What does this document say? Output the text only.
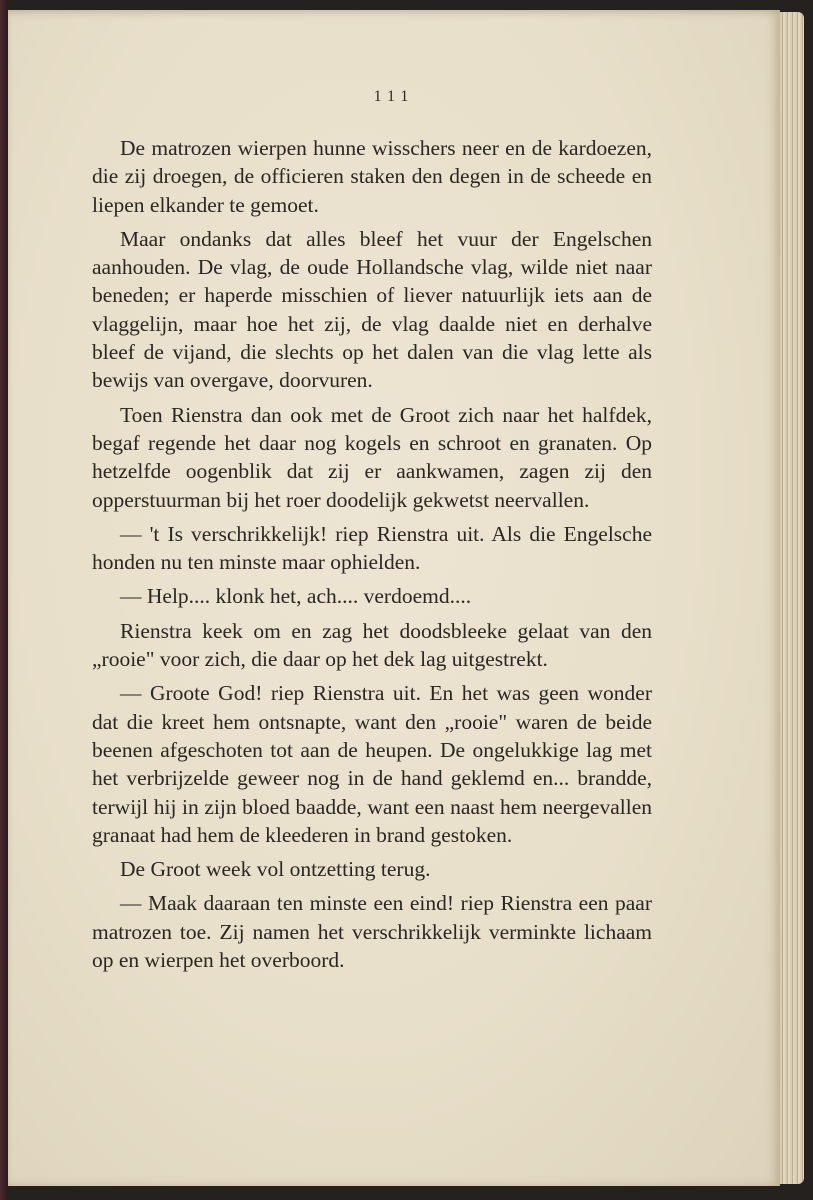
111

De matrozen wierpen hunne wisschers neer en de kardoezen, die zij droegen, de officieren staken den degen in de scheede en liepen elkander te gemoet.

Maar ondanks dat alles bleef het vuur der Engelschen aanhouden. De vlag, de oude Hollandsche vlag, wilde niet naar beneden; er haperde misschien of liever natuurlijk iets aan de vlaggelijn, maar hoe het zij, de vlag daalde niet en derhalve bleef de vijand, die slechts op het dalen van die vlag lette als bewijs van overgave, doorvuren.

Toen Rienstra dan ook met de Groot zich naar het halfdek, begaf regende het daar nog kogels en schroot en granaten. Op hetzelfde oogenblik dat zij er aankwamen, zagen zij den opperstuurman bij het roer doodelijk gekwetst neervallen.

— 't Is verschrikkelijk! riep Rienstra uit. Als die Engelsche honden nu ten minste maar ophielden.

— Help.... klonk het, ach.... verdoemd....

Rienstra keek om en zag het doodsbleeke gelaat van den „rooie" voor zich, die daar op het dek lag uitgestrekt.

— Groote God! riep Rienstra uit. En het was geen wonder dat die kreet hem ontsnapte, want den „rooie" waren de beide beenen afgeschoten tot aan de heupen. De ongelukkige lag met het verbrijzelde geweer nog in de hand geklemd en... brandde, terwijl hij in zijn bloed baadde, want een naast hem neergevallen granaat had hem de kleederen in brand gestoken.

De Groot week vol ontzetting terug.

— Maak daaraan ten minste een eind! riep Rienstra een paar matrozen toe. Zij namen het verschrikkelijk verminkte lichaam op en wierpen het overboord.
